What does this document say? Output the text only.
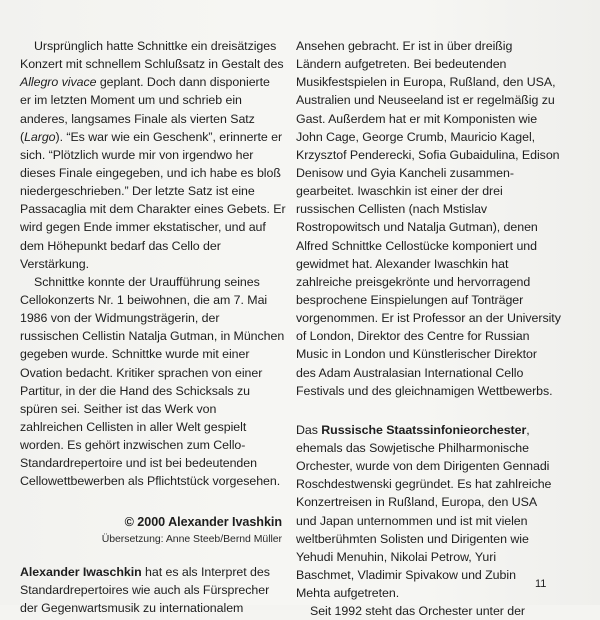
Ursprünglich hatte Schnittke ein dreisätziges
Konzert mit schnellem Schlußsatz in Gestalt des
Allegro vivace geplant. Doch dann disponierte
er im letzten Moment um und schrieb ein
anderes, langsames Finale als vierten Satz
(Largo). “Es war wie ein Geschenk”, erinnerte er
sich. “Plötzlich wurde mir von irgendwo her
dieses Finale eingegeben, und ich habe es bloß
niedergeschrieben.” Der letzte Satz ist eine
Passacaglia mit dem Charakter eines Gebets. Er
wird gegen Ende immer ekstatischer, und auf
dem Höhepunkt bedarf das Cello der
Verstärkung.
Schnittke konnte der Uraufführung seines
Cellokonzerts Nr. 1 beiwohnen, die am 7. Mai
1986 von der Widmungsträgerin, der
russischen Cellistin Natalja Gutman, in München
gegeben wurde. Schnittke wurde mit einer
Ovation bedacht. Kritiker sprachen von einer
Partitur, in der die Hand des Schicksals zu
spüren sei. Seither ist das Werk von
zahlreichen Cellisten in aller Welt gespielt
worden. Es gehört inzwischen zum Cello-
Standardrepertoire und ist bei bedeutenden
Cellowettbewerben als Pflichtstück vorgesehen.
© 2000 Alexander Ivashkin
Übersetzung: Anne Steeb/Bernd Müller
Alexander Iwaschkin hat es als Interpret des
Standardrepertoires wie auch als Fürsprecher
der Gegenwartsmusik zu internationalem
Ansehen gebracht. Er ist in über dreißig
Ländern aufgetreten. Bei bedeutenden
Musikfestspielen in Europa, Rußland, den USA,
Australien und Neuseeland ist er regelmäßig zu
Gast. Außerdem hat er mit Komponisten wie
John Cage, George Crumb, Mauricio Kagel,
Krzysztof Penderecki, Sofia Gubaidulina, Edison
Denisow und Gyia Kancheli zusammen-
gearbeitet. Iwaschkin ist einer der drei
russischen Cellisten (nach Mstislav
Rostropowitsch und Natalja Gutman), denen
Alfred Schnittke Cellostücke komponiert und
gewidmet hat. Alexander Iwaschkin hat
zahlreiche preisgekrönte und hervorragend
besprochene Einspielungen auf Tonträger
vorgenommen. Er ist Professor an der University
of London, Direktor des Centre for Russian
Music in London und Künstlerischer Direktor
des Adam Australasian International Cello
Festivals und des gleichnamigen Wettbewerbs.
Das Russische Staatssinfonieorchester,
ehemals das Sowjetische Philharmonische
Orchester, wurde von dem Dirigenten Gennadi
Roschdestwenski gegründet. Es hat zahlreiche
Konzertreisen in Rußland, Europa, den USA
und Japan unternommen und ist mit vielen
weltberühmten Solisten und Dirigenten wie
Yehudi Menuhin, Nikolai Petrow, Yuri
Baschmet, Vladimir Spivakow und Zubin
Mehta aufgetreten.
Seit 1992 steht das Orchester unter der
11
